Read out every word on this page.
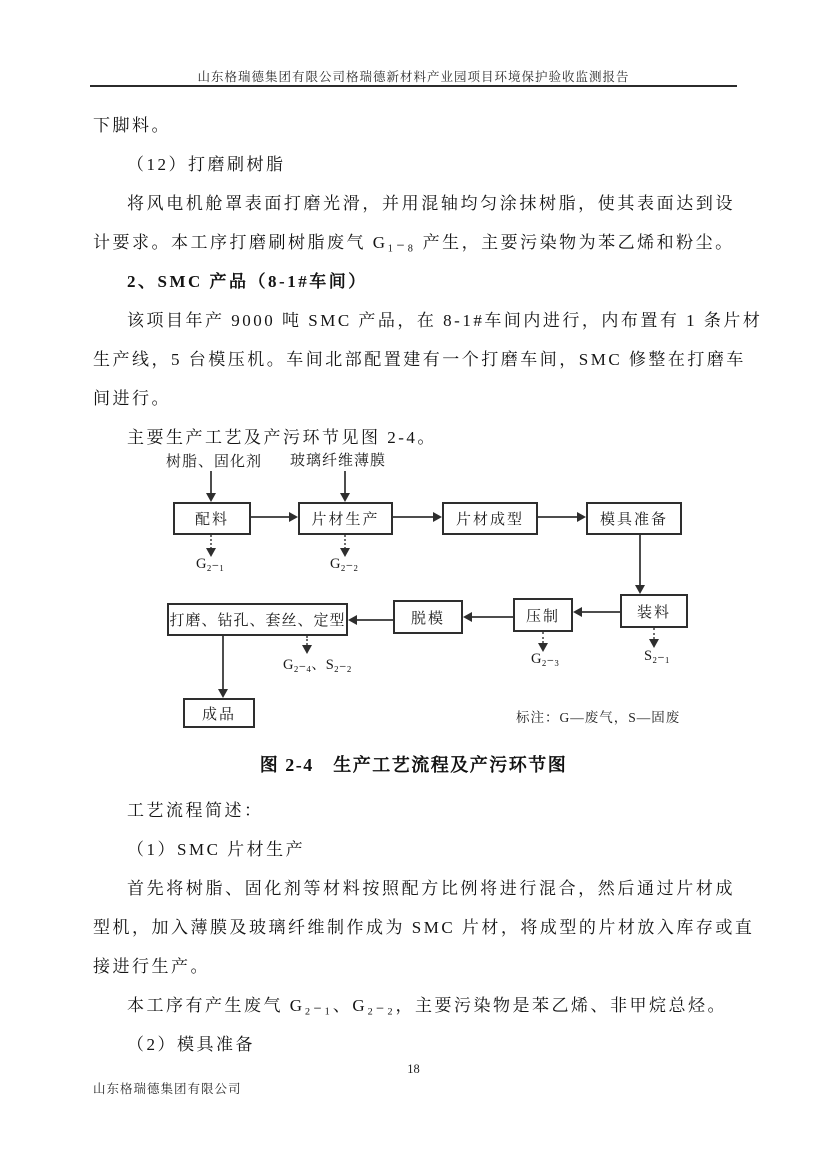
山东格瑞德集团有限公司格瑞德新材料产业园项目环境保护验收监测报告
下脚料。
（12）打磨刷树脂
将风电机舱罩表面打磨光滑，并用混轴均匀涂抹树脂，使其表面达到设
计要求。本工序打磨刷树脂废气 G₁₋₈ 产生，主要污染物为苯乙烯和粉尘。
2、SMC 产品（8-1#车间）
该项目年产 9000 吨 SMC 产品，在 8-1#车间内进行，内布置有 1 条片材
生产线，5 台模压机。车间北部配置建有一个打磨车间，SMC 修整在打磨车
间进行。
主要生产工艺及产污环节见图 2-4。
树脂、固化剂 玻璃纤维薄膜
配料	片材生产	片材成型	模具准备
G₂₋₁	G₂₋₂
装料
压制
脱模
打磨、钻孔、套丝、定型
S₂₋₁
G₂₋₃
G₂₋₄、S₂₋₂
成品	标注：G—废气，S—固废
图 2-4　生产工艺流程及产污环节图
工艺流程简述：
（1）SMC 片材生产
首先将树脂、固化剂等材料按照配方比例将进行混合，然后通过片材成
型机，加入薄膜及玻璃纤维制作成为 SMC 片材，将成型的片材放入库存或直
接进行生产。
本工序有产生废气 G₂₋₁、G₂₋₂，主要污染物是苯乙烯、非甲烷总烃。
（2）模具准备
18
山东格瑞德集团有限公司
